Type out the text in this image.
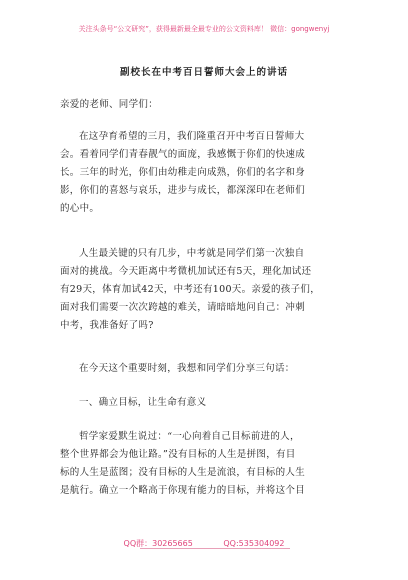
关注头条号“公文研究”，获得最新最全最专业的公文资料库！ 微信：gongwenyj
副校长在中考百日誓师大会上的讲话
亲爱的老师、同学们：
在这孕育希望的三月，我们隆重召开中考百日誓师大
会。看着同学们青春靓气的面庞，我感慨于你们的快速成
长。三年的时光，你们由幼稚走向成熟，你们的名字和身
影，你们的喜怒与哀乐，进步与成长，都深深印在老师们
的心中。
人生最关键的只有几步，中考就是同学们第一次独自
面对的挑战。今天距离中考微机加试还有5天，理化加试还
有29天，体育加试42天，中考还有100天。亲爱的孩子们，
面对我们需要一次次跨越的难关，请暗暗地问自己：冲刺
中考，我准备好了吗?
在今天这个重要时刻，我想和同学们分享三句话：
一、确立目标，让生命有意义
哲学家爱默生说过：“一心向着自己目标前进的人，
整个世界都会为他让路。”没有目标的人生是拼图，有目
标的人生是蓝图；没有目标的人生是流浪，有目标的人生
是航行。确立一个略高于你现有能力的目标，并将这个目
QQ群：30265665	QQ:535304092
